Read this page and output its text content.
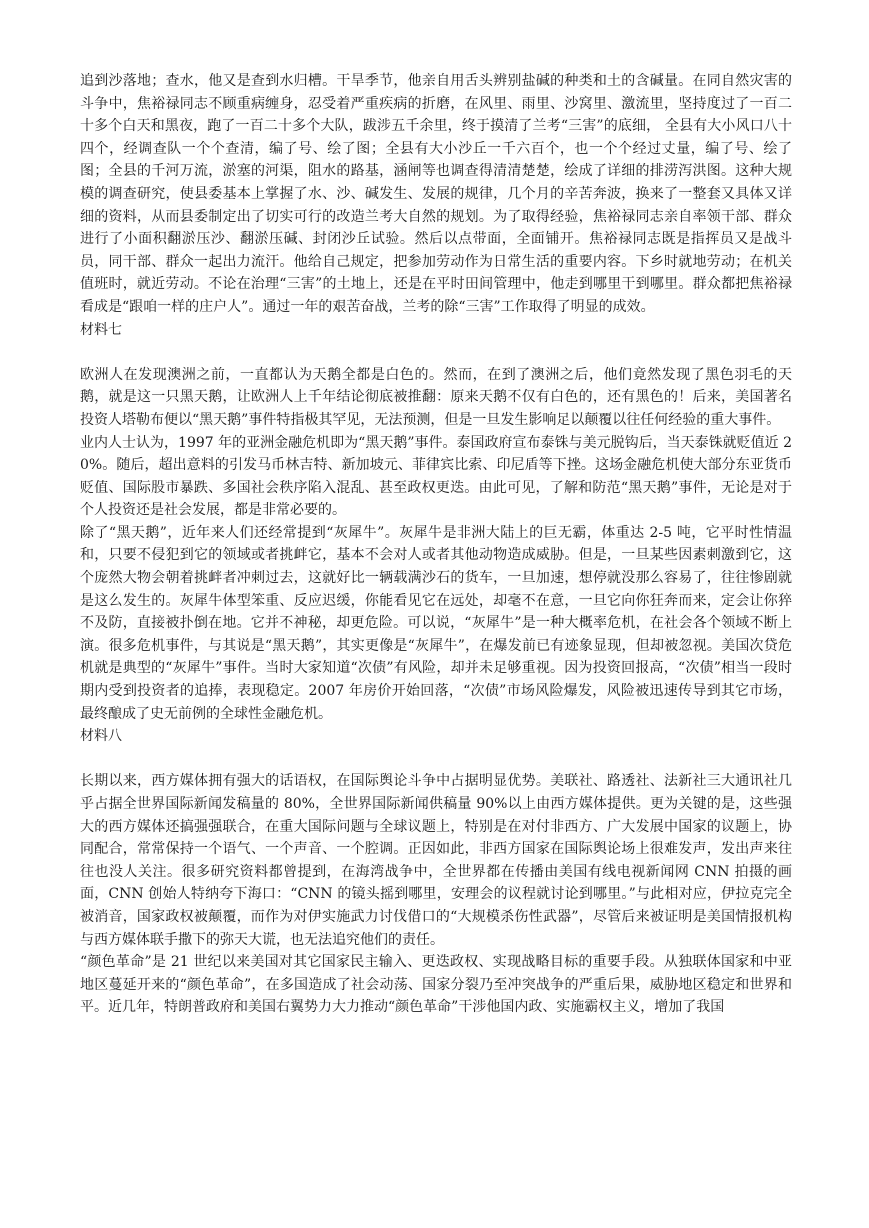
追到沙落地；查水，他又是查到水归槽。干旱季节，他亲自用舌头辨别盐碱的种类和土的含碱量。在同自然灾害的斗争中，焦裕禄同志不顾重病缠身，忍受着严重疾病的折磨，在风里、雨里、沙窝里、激流里，坚持度过了一百二十多个白天和黑夜，跑了一百二十多个大队，跋涉五千余里，终于摸清了兰考“三害”的底细， 全县有大小风口八十四个，经调查队一个个查清，编了号、绘了图；全县有大小沙丘一千六百个，也一个个经过丈量，编了号、绘了图；全县的千河万流，淤塞的河渠，阻水的路基，涵闸等也调查得清清楚楚，绘成了详细的排涝泻洪图。这种大规模的调查研究，使县委基本上掌握了水、沙、碱发生、发展的规律，几个月的辛苦奔波，换来了一整套又具体又详细的资料，从而县委制定出了切实可行的改造兰考大自然的规划。为了取得经验，焦裕禄同志亲自率领干部、群众进行了小面积翻淤压沙、翻淤压碱、封闭沙丘试验。然后以点带面，全面铺开。焦裕禄同志既是指挥员又是战斗员，同干部、群众一起出力流汗。他给自己规定，把参加劳动作为日常生活的重要内容。下乡时就地劳动；在机关值班时，就近劳动。不论在治理“三害”的土地上，还是在平时田间管理中，他走到哪里干到哪里。群众都把焦裕禄看成是“跟咱一样的庄户人”。通过一年的艰苦奋战，兰考的除“三害”工作取得了明显的成效。

材料七

欧洲人在发现澳洲之前，一直都认为天鹅全都是白色的。然而，在到了澳洲之后，他们竟然发现了黑色羽毛的天鹅，就是这一只黑天鹅，让欧洲人上千年结论彻底被推翻：原来天鹅不仅有白色的，还有黑色的！后来，美国著名投资人塔勒布便以“黑天鹅”事件特指极其罕见，无法预测，但是一旦发生影响足以颠覆以往任何经验的重大事件。

业内人士认为，1997 年的亚洲金融危机即为“黑天鹅”事件。泰国政府宣布泰铢与美元脱钩后，当天泰铢就贬值近 20%。随后，超出意料的引发马币林吉特、新加坡元、菲律宾比索、印尼盾等下挫。这场金融危机使大部分东亚货币贬值、国际股市暴跌、多国社会秩序陷入混乱、甚至政权更迭。由此可见，了解和防范“黑天鹅”事件，无论是对于个人投资还是社会发展，都是非常必要的。

除了“黑天鹅”，近年来人们还经常提到“灰犀牛”。灰犀牛是非洲大陆上的巨无霸，体重达 2-5 吨，它平时性情温和，只要不侵犯到它的领域或者挑衅它，基本不会对人或者其他动物造成威胁。但是，一旦某些因素刺激到它，这个庞然大物会朝着挑衅者冲刺过去，这就好比一辆载满沙石的货车，一旦加速，想停就没那么容易了，往往惨剧就是这么发生的。灰犀牛体型笨重、反应迟缓，你能看见它在远处，却毫不在意，一旦它向你狂奔而来，定会让你猝不及防，直接被扑倒在地。它并不神秘，却更危险。可以说，“灰犀牛”是一种大概率危机，在社会各个领域不断上演。很多危机事件，与其说是“黑天鹅”，其实更像是“灰犀牛”，在爆发前已有迹象显现，但却被忽视。美国次贷危机就是典型的“灰犀牛”事件。当时大家知道“次债”有风险，却并未足够重视。因为投资回报高，“次债”相当一段时期内受到投资者的追捧，表现稳定。2007 年房价开始回落，“次债”市场风险爆发，风险被迅速传导到其它市场，最终酿成了史无前例的全球性金融危机。

材料八

长期以来，西方媒体拥有强大的话语权，在国际舆论斗争中占据明显优势。美联社、路透社、法新社三大通讯社几乎占据全世界国际新闻发稿量的 80%，全世界国际新闻供稿量 90%以上由西方媒体提供。更为关键的是，这些强大的西方媒体还搞强强联合，在重大国际问题与全球议题上，特别是在对付非西方、广大发展中国家的议题上，协同配合，常常保持一个语气、一个声音、一个腔调。正因如此，非西方国家在国际舆论场上很难发声，发出声来往往也没人关注。很多研究资料都曾提到，在海湾战争中，全世界都在传播由美国有线电视新闻网 CNN 拍摄的画面，CNN 创始人特纳夸下海口：“CNN 的镜头摇到哪里，安理会的议程就讨论到哪里。”与此相对应，伊拉克完全被消音，国家政权被颠覆，而作为对伊实施武力讨伐借口的“大规模杀伤性武器”，尽管后来被证明是美国情报机构与西方媒体联手撒下的弥天大谎，也无法追究他们的责任。

“颜色革命”是 21 世纪以来美国对其它国家民主输入、更迭政权、实现战略目标的重要手段。从独联体国家和中亚地区蔓延开来的“颜色革命”，在多国造成了社会动荡、国家分裂乃至冲突战争的严重后果，威胁地区稳定和世界和平。近几年，特朗普政府和美国右翼势力大力推动“颜色革命”干涉他国内政、实施霸权主义，增加了我国
